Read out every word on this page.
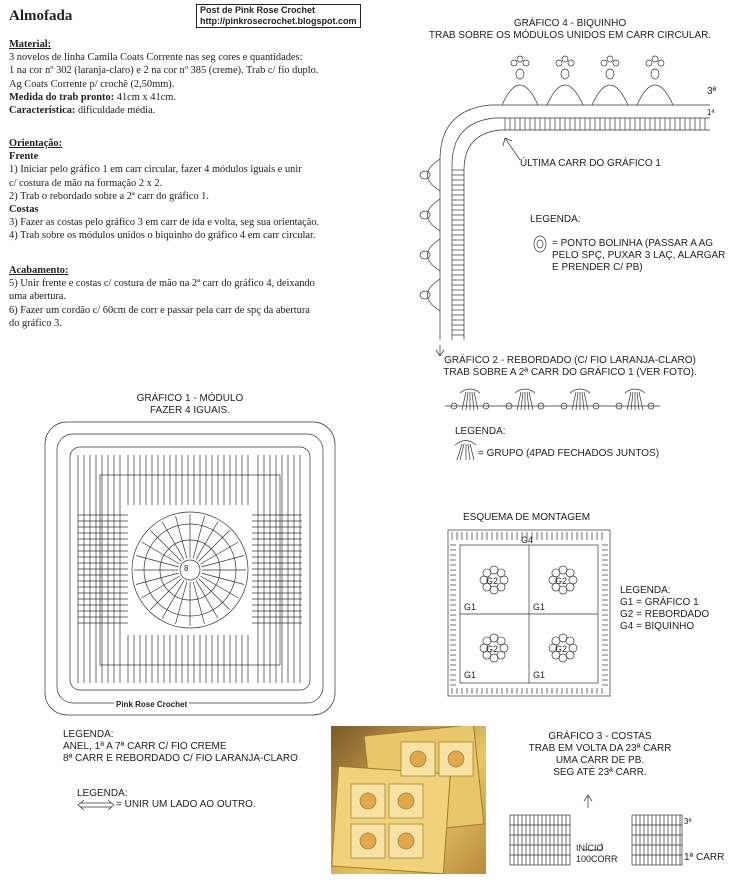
Almofada	Post de Pink Rose Crochet
http://pinkrosecrochet.blogspot.com
Material:
3 novelos de linha Camila Coats Corrente nas seg cores e quantidades:
1 na cor nº 302 (laranja-claro) e 2 na cor nº 385 (creme). Trab c/ fio duplo.
Ag Coats Corrente p/ crochê (2,50mm).
Medida do trab pronto: 41cm x 41cm.
Característica: dificuldade média.
Orientação:
Frente
1) Iniciar pelo gráfico 1 em carr circular, fazer 4 módulos iguais e unir
c/ costura de mão na formação 2 x 2.
2) Trab o rebordado sobre a 2ª carr do gráfico 1.
Costas
3) Fazer as costas pelo gráfico 3 em carr de ida e volta, seg sua orientação.
4) Trab sobre os módulos unidos o biquinho do gráfico 4 em carr circular.
Acabamento:
5) Unir frente e costas c/ costura de mão na 2ª carr do gráfico 4, deixando
uma abertura.
6) Fazer um cordão c/ 60cm de corr e passar pela carr de spç da abertura
do gráfico 3.
GRÁFICO 4 - BIQUINHO
TRAB SOBRE OS MÓDULOS UNIDOS EM CARR CIRCULAR.
3ª
1ª
ÚLTIMA CARR DO GRÁFICO 1
LEGENDA:
= PONTO BOLINHA (PASSAR A AG
PELO SPÇ, PUXAR 3 LAÇ, ALARGAR
E PRENDER C/ PB)
GRÁFICO 2 - REBORDADO (C/ FIO LARANJA-CLARO)
TRAB SOBRE A 2ª CARR DO GRÁFICO 1 (VER FOTO).
LEGENDA:
= GRUPO (4PAD FECHADOS JUNTOS)
GRÁFICO 1 - MÓDULO
FAZER 4 IGUAIS.
Pink Rose Crochet
8
LEGENDA:
ANEL, 1ª A 7ª CARR C/ FIO CREME
8ª CARR E REBORDADO C/ FIO LARANJA-CLARO
LEGENDA:
= UNIR UM LADO AO OUTRO.
ESQUEMA DE MONTAGEM
G4
G2	G2
G2	G2
G1	G1
G1	G1
LEGENDA:
G1 = GRÁFICO 1
G2 = REBORDADO
G4 = BIQUINHO
GRÁFICO 3 - COSTAS
TRAB EM VOLTA DA 23ª CARR
UMA CARR DE PB.
SEG ATÉ 23ª CARR.
INÍCIO
100CORR
3ª
1ª CARR
